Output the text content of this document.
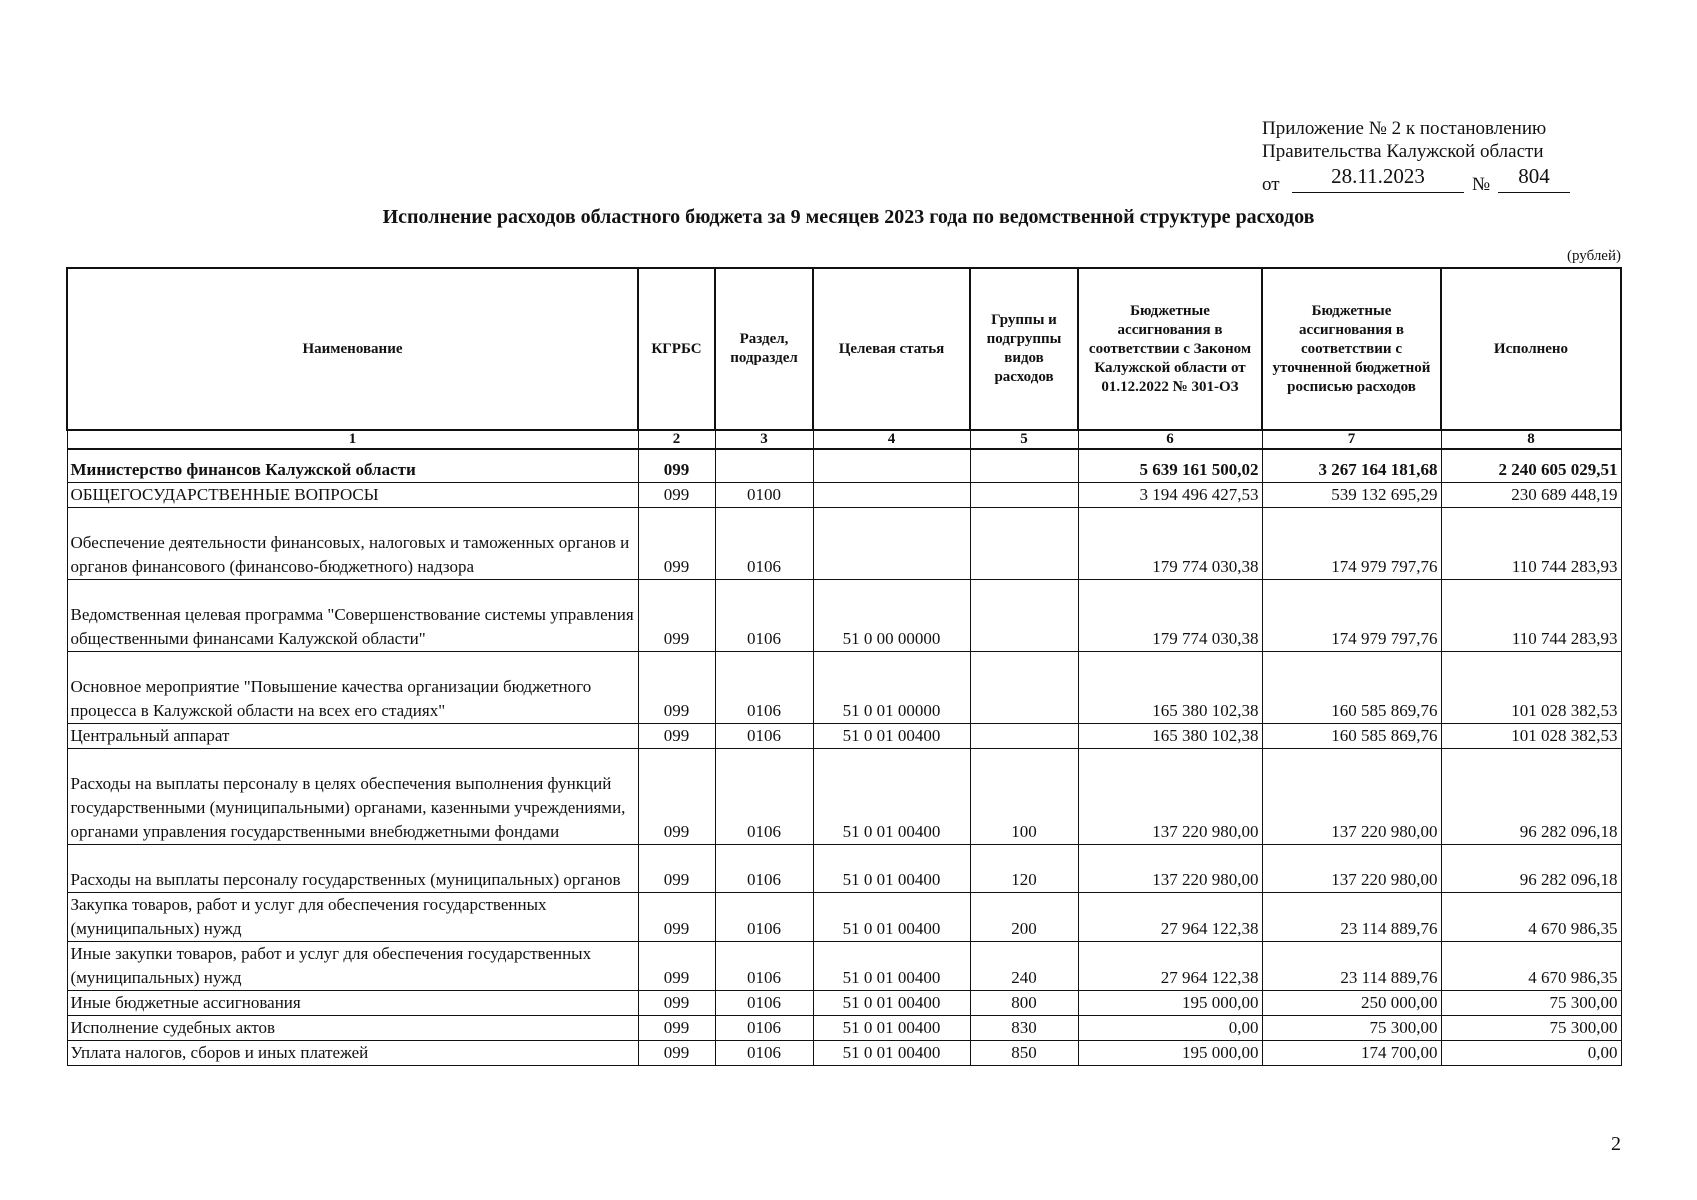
Приложение № 2 к постановлению
Правительства Калужской области
от	28.11.2023	№	804
Исполнение расходов областного бюджета за 9 месяцев 2023 года по ведомственной структуре расходов
(рублей)
Наименование	КГРБС	Раздел, подраздел	Целевая статья	Группы и подгруппы видов расходов	Бюджетные ассигнования в соответствии с Законом Калужской области от 01.12.2022 № 301-ОЗ	Бюджетные ассигнования в соответствии с уточненной бюджетной росписью расходов	Исполнено
1	2	3	4	5	6	7	8
Министерство финансов Калужской области	099				5 639 161 500,02	3 267 164 181,68	2 240 605 029,51
ОБЩЕГОСУДАРСТВЕННЫЕ ВОПРОСЫ	099	0100			3 194 496 427,53	539 132 695,29	230 689 448,19
Обеспечение деятельности финансовых, налоговых и таможенных органов и органов финансового (финансово-бюджетного) надзора	099	0106			179 774 030,38	174 979 797,76	110 744 283,93
Ведомственная целевая программа "Совершенствование системы управления общественными финансами Калужской области"	099	0106	51 0 00 00000		179 774 030,38	174 979 797,76	110 744 283,93
Основное мероприятие "Повышение качества организации бюджетного процесса в Калужской области на всех его стадиях"	099	0106	51 0 01 00000		165 380 102,38	160 585 869,76	101 028 382,53
Центральный аппарат	099	0106	51 0 01 00400		165 380 102,38	160 585 869,76	101 028 382,53
Расходы на выплаты персоналу в целях обеспечения выполнения функций государственными (муниципальными) органами, казенными учреждениями, органами управления государственными внебюджетными фондами	099	0106	51 0 01 00400	100	137 220 980,00	137 220 980,00	96 282 096,18
Расходы на выплаты персоналу государственных (муниципальных) органов	099	0106	51 0 01 00400	120	137 220 980,00	137 220 980,00	96 282 096,18
Закупка товаров, работ и услуг для обеспечения государственных (муниципальных) нужд	099	0106	51 0 01 00400	200	27 964 122,38	23 114 889,76	4 670 986,35
Иные закупки товаров, работ и услуг для обеспечения государственных (муниципальных) нужд	099	0106	51 0 01 00400	240	27 964 122,38	23 114 889,76	4 670 986,35
Иные бюджетные ассигнования	099	0106	51 0 01 00400	800	195 000,00	250 000,00	75 300,00
Исполнение судебных актов	099	0106	51 0 01 00400	830	0,00	75 300,00	75 300,00
Уплата налогов, сборов и иных платежей	099	0106	51 0 01 00400	850	195 000,00	174 700,00	0,00
2
